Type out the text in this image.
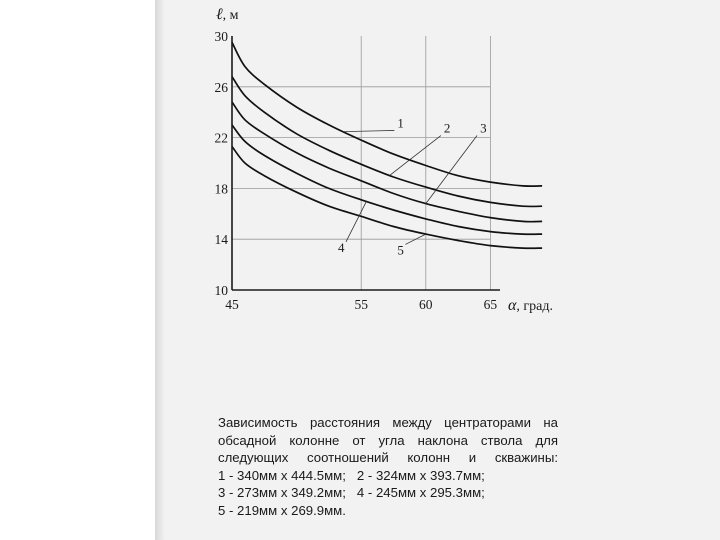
45	55	60	65
10
14
18
22
26
30
1	2 3
4	5
ℓ, м
α, град.
Зависимость расстояния между центраторами на
обсадной колонне от угла наклона ствола для
следующих соотношений колонн и скважины:
1 - 340мм х 444.5мм;   2 - 324мм х 393.7мм;
3 - 273мм х 349.2мм;   4 - 245мм х 295.3мм;
5 - 219мм х 269.9мм.
